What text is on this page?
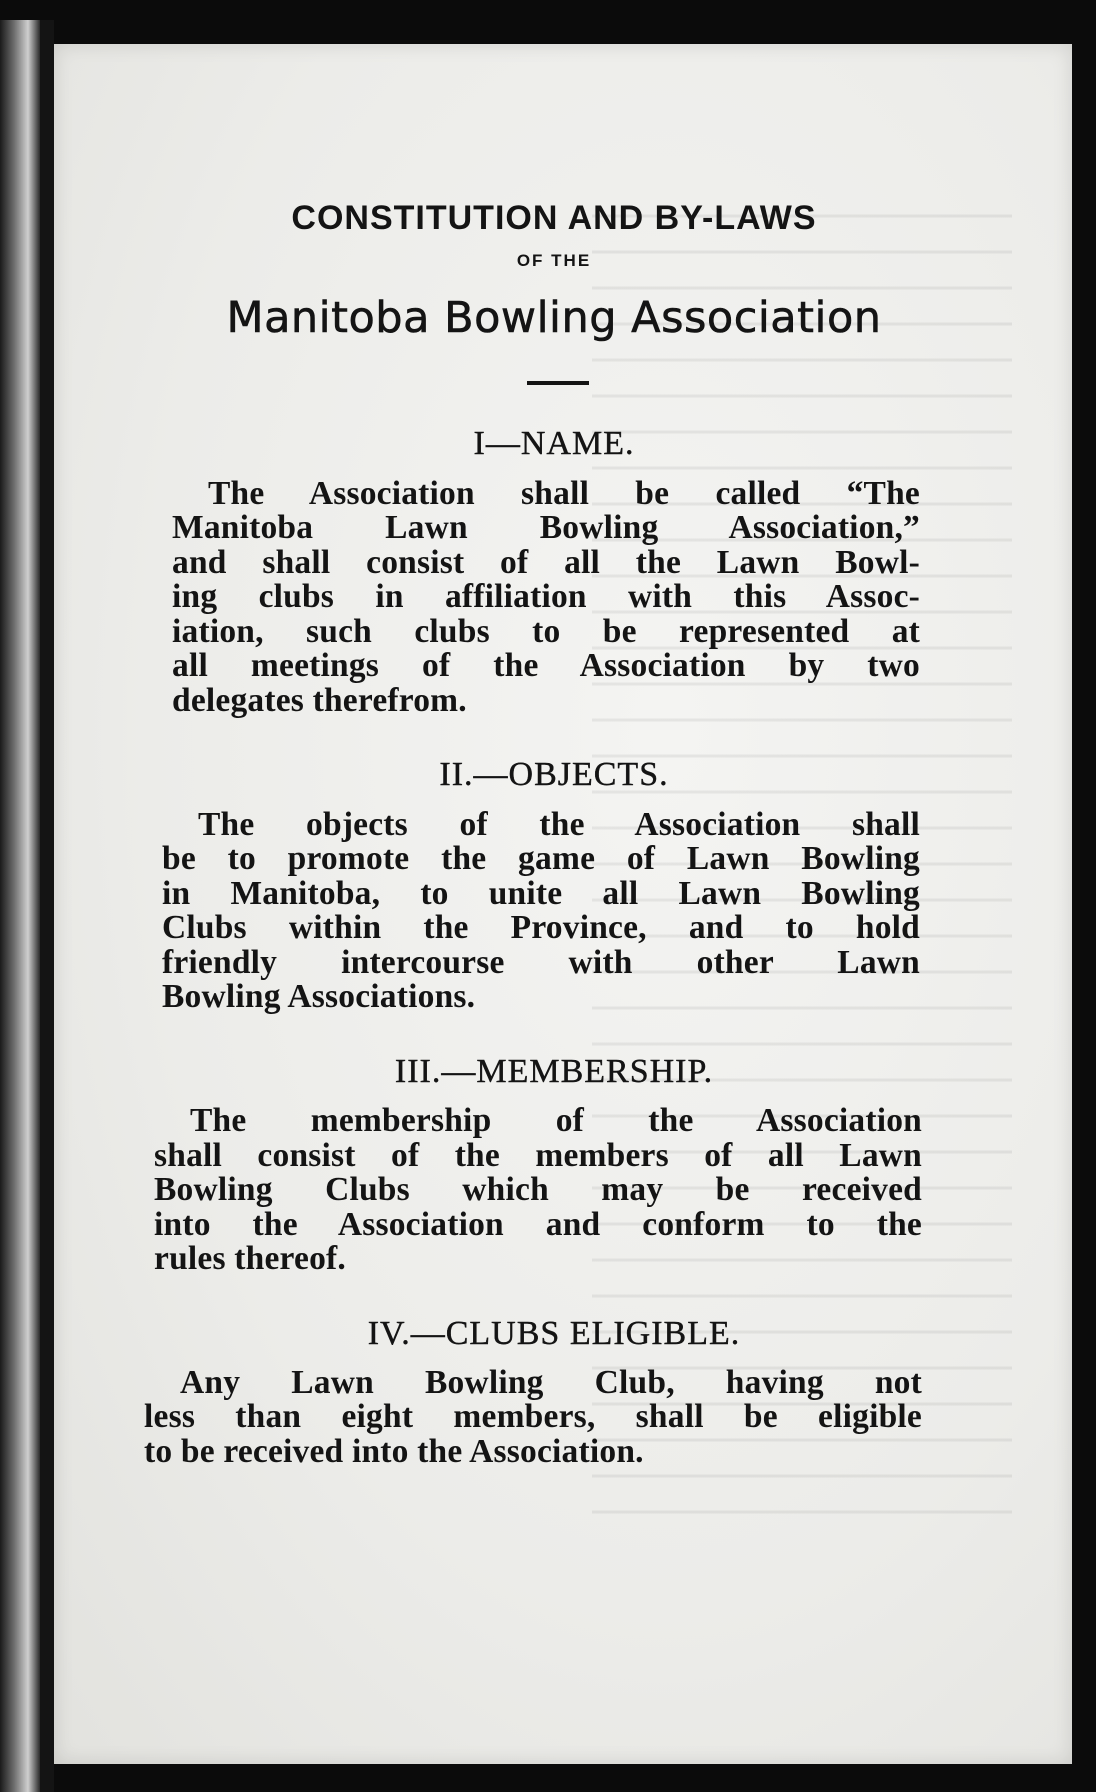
CONSTITUTION AND BY-LAWS
OF THE
Manitoba Bowling Association
I—NAME.
The Association shall be called “The
Manitoba Lawn Bowling Association,”
and shall consist of all the Lawn Bowl-
ing clubs in affiliation with this Assoc-
iation, such clubs to be represented at
all meetings of the Association by two
delegates therefrom.
II.—OBJECTS.
The objects of the Association shall
be to promote the game of Lawn Bowling
in Manitoba, to unite all Lawn Bowling
Clubs within the Province, and to hold
friendly intercourse with other Lawn
Bowling Associations.
III.—MEMBERSHIP.
The membership of the Association
shall consist of the members of all Lawn
Bowling Clubs which may be received
into the Association and conform to the
rules thereof.
IV.—CLUBS ELIGIBLE.
Any Lawn Bowling Club, having not
less than eight members, shall be eligible
to be received into the Association.
